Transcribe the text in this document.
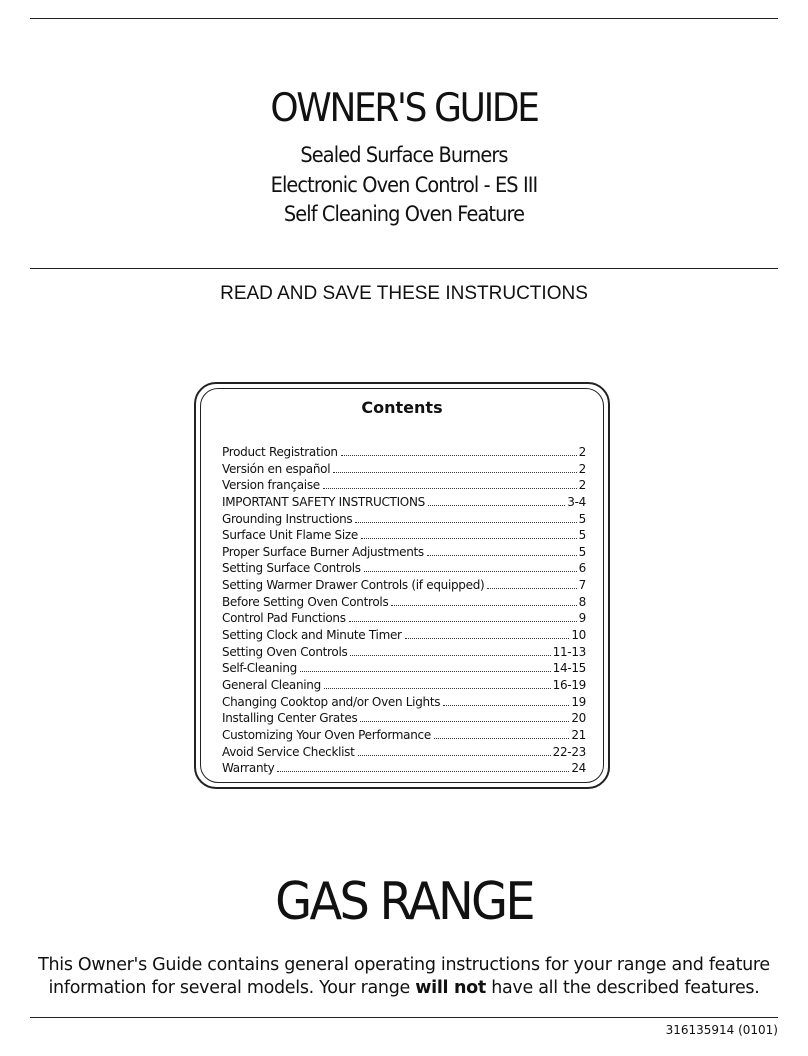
OWNER'S GUIDE
Sealed Surface Burners
Electronic Oven Control - ES III
Self Cleaning Oven Feature
READ AND SAVE THESE INSTRUCTIONS
Contents
Product Registration	2
Versión en español	2
Version française	2
IMPORTANT SAFETY INSTRUCTIONS	3-4
Grounding Instructions	5
Surface Unit Flame Size	5
Proper Surface Burner Adjustments	5
Setting Surface Controls	6
Setting Warmer Drawer Controls (if equipped)	7
Before Setting Oven Controls	8
Control Pad Functions	9
Setting Clock and Minute Timer	10
Setting Oven Controls	11-13
Self-Cleaning	14-15
General Cleaning	16-19
Changing Cooktop and/or Oven Lights	19
Installing Center Grates	20
Customizing Your Oven Performance	21
Avoid Service Checklist	22-23
Warranty	24
GAS RANGE
This Owner's Guide contains general operating instructions for your range and feature information for several models. Your range will not have all the described features.
316135914 (0101)
